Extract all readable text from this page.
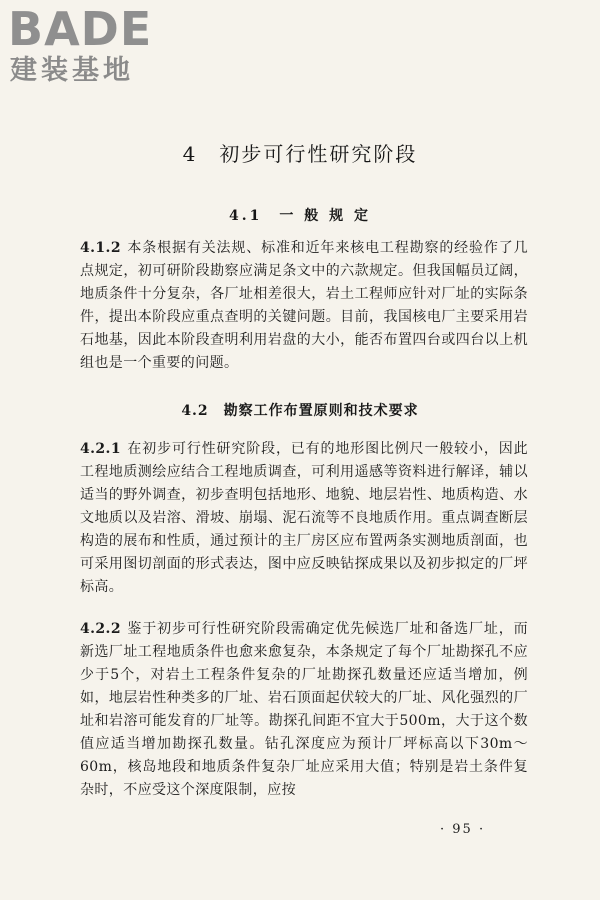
B A D E
建装基地
4　初步可行性研究阶段
4.1　一 般 规 定
4.1.2 本条根据有关法规、标准和近年来核电工程勘察的经验作了几点规定，初可研阶段勘察应满足条文中的六款规定。但我国幅员辽阔，地质条件十分复杂，各厂址相差很大，岩土工程师应针对厂址的实际条件，提出本阶段应重点查明的关键问题。目前，我国核电厂主要采用岩石地基，因此本阶段查明利用岩盘的大小，能否布置四台或四台以上机组也是一个重要的问题。
4.2　勘察工作布置原则和技术要求
4.2.1 在初步可行性研究阶段，已有的地形图比例尺一般较小，因此工程地质测绘应结合工程地质调查，可利用遥感等资料进行解译，辅以适当的野外调查，初步查明包括地形、地貌、地层岩性、地质构造、水文地质以及岩溶、滑坡、崩塌、泥石流等不良地质作用。重点调查断层构造的展布和性质，通过预计的主厂房区应布置两条实测地质剖面，也可采用图切剖面的形式表达，图中应反映钻探成果以及初步拟定的厂坪标高。
4.2.2 鉴于初步可行性研究阶段需确定优先候选厂址和备选厂址，而新选厂址工程地质条件也愈来愈复杂，本条规定了每个厂址勘探孔不应少于5个，对岩土工程条件复杂的厂址勘探孔数量还应适当增加，例如，地层岩性种类多的厂址、岩石顶面起伏较大的厂址、风化强烈的厂址和岩溶可能发育的厂址等。勘探孔间距不宜大于500m，大于这个数值应适当增加勘探孔数量。钻孔深度应为预计厂坪标高以下30m～60m，核岛地段和地质条件复杂厂址应采用大值；特别是岩土条件复杂时，不应受这个深度限制，应按
· 95 ·
